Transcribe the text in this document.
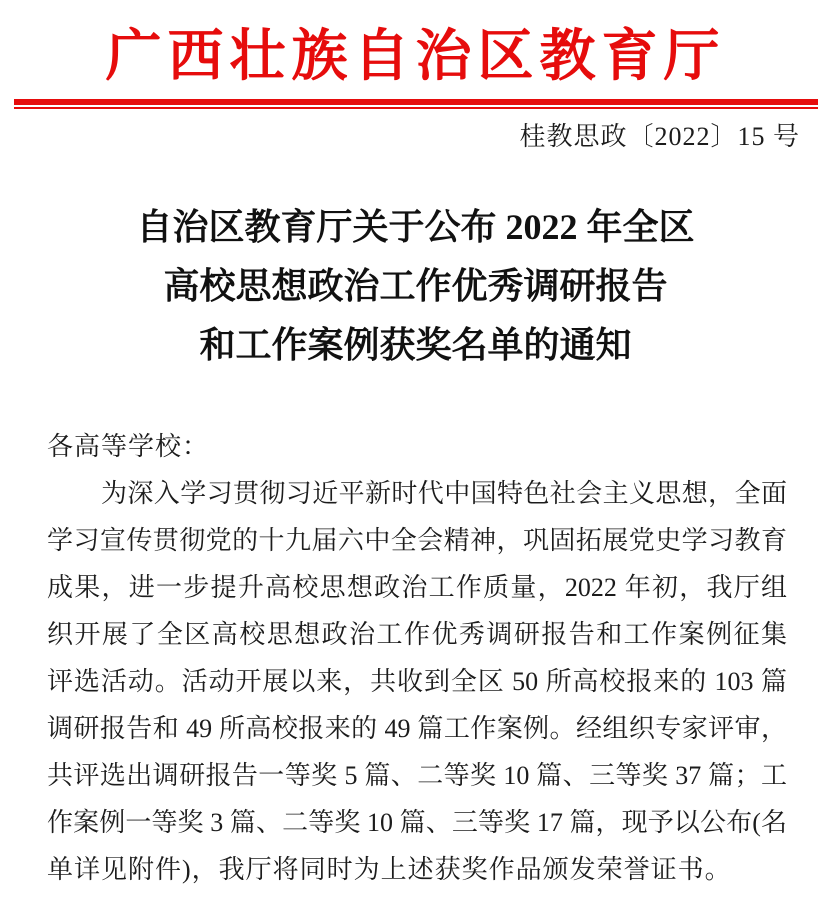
广西壮族自治区教育厅
桂教思政〔2022〕15 号
自治区教育厅关于公布 2022 年全区
高校思想政治工作优秀调研报告
和工作案例获奖名单的通知
各高等学校：
为深入学习贯彻习近平新时代中国特色社会主义思想，全面
学习宣传贯彻党的十九届六中全会精神，巩固拓展党史学习教育
成果，进一步提升高校思想政治工作质量，2022 年初，我厅组
织开展了全区高校思想政治工作优秀调研报告和工作案例征集
评选活动。活动开展以来，共收到全区 50 所高校报来的 103 篇
调研报告和 49 所高校报来的 49 篇工作案例。经组织专家评审，
共评选出调研报告一等奖 5 篇、二等奖 10 篇、三等奖 37 篇；工
作案例一等奖 3 篇、二等奖 10 篇、三等奖 17 篇，现予以公布(名
单详见附件)，我厅将同时为上述获奖作品颁发荣誉证书。
